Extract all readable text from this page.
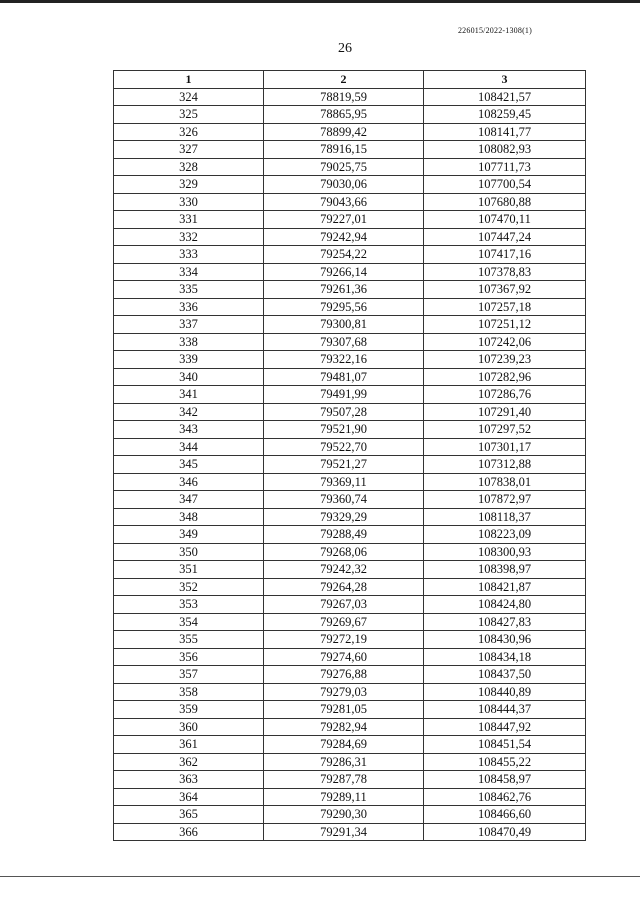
226015/2022-1308(1)
26
1	2	3
324	78819,59	108421,57
325	78865,95	108259,45
326	78899,42	108141,77
327	78916,15	108082,93
328	79025,75	107711,73
329	79030,06	107700,54
330	79043,66	107680,88
331	79227,01	107470,11
332	79242,94	107447,24
333	79254,22	107417,16
334	79266,14	107378,83
335	79261,36	107367,92
336	79295,56	107257,18
337	79300,81	107251,12
338	79307,68	107242,06
339	79322,16	107239,23
340	79481,07	107282,96
341	79491,99	107286,76
342	79507,28	107291,40
343	79521,90	107297,52
344	79522,70	107301,17
345	79521,27	107312,88
346	79369,11	107838,01
347	79360,74	107872,97
348	79329,29	108118,37
349	79288,49	108223,09
350	79268,06	108300,93
351	79242,32	108398,97
352	79264,28	108421,87
353	79267,03	108424,80
354	79269,67	108427,83
355	79272,19	108430,96
356	79274,60	108434,18
357	79276,88	108437,50
358	79279,03	108440,89
359	79281,05	108444,37
360	79282,94	108447,92
361	79284,69	108451,54
362	79286,31	108455,22
363	79287,78	108458,97
364	79289,11	108462,76
365	79290,30	108466,60
366	79291,34	108470,49
